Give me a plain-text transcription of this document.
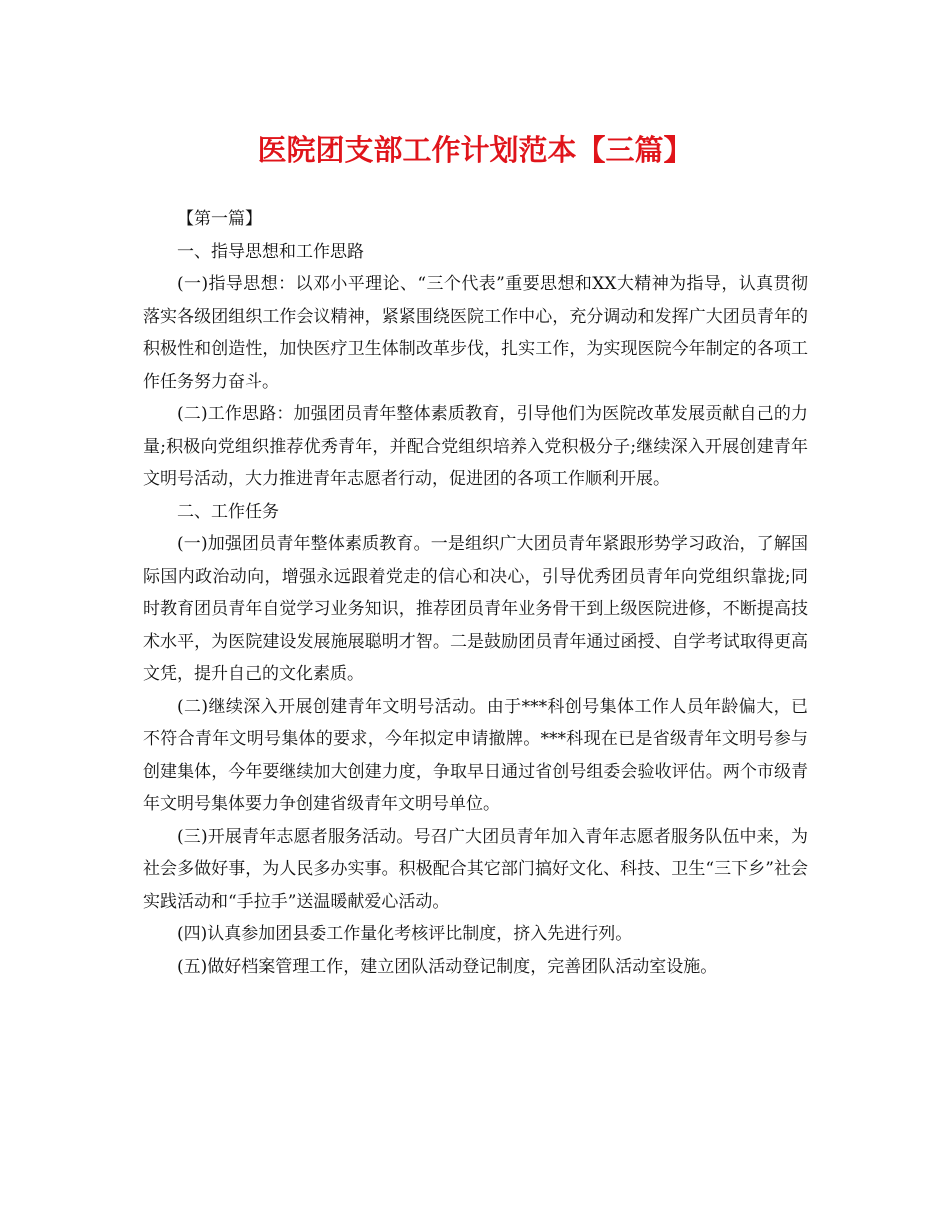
医院团支部工作计划范本【三篇】

【第一篇】

一、指导思想和工作思路

(一)指导思想：以邓小平理论、“三个代表”重要思想和XX大精神为指导，认真贯彻落实各级团组织工作会议精神，紧紧围绕医院工作中心，充分调动和发挥广大团员青年的积极性和创造性，加快医疗卫生体制改革步伐，扎实工作，为实现医院今年制定的各项工作任务努力奋斗。

(二)工作思路：加强团员青年整体素质教育，引导他们为医院改革发展贡献自己的力量;积极向党组织推荐优秀青年，并配合党组织培养入党积极分子;继续深入开展创建青年文明号活动，大力推进青年志愿者行动，促进团的各项工作顺利开展。

二、工作任务

(一)加强团员青年整体素质教育。一是组织广大团员青年紧跟形势学习政治，了解国际国内政治动向，增强永远跟着党走的信心和决心，引导优秀团员青年向党组织靠拢;同时教育团员青年自觉学习业务知识，推荐团员青年业务骨干到上级医院进修，不断提高技术水平，为医院建设发展施展聪明才智。二是鼓励团员青年通过函授、自学考试取得更高文凭，提升自己的文化素质。

(二)继续深入开展创建青年文明号活动。由于***科创号集体工作人员年龄偏大，已不符合青年文明号集体的要求，今年拟定申请撤牌。***科现在已是省级青年文明号参与创建集体，今年要继续加大创建力度，争取早日通过省创号组委会验收评估。两个市级青年文明号集体要力争创建省级青年文明号单位。

(三)开展青年志愿者服务活动。号召广大团员青年加入青年志愿者服务队伍中来，为社会多做好事，为人民多办实事。积极配合其它部门搞好文化、科技、卫生“三下乡”社会实践活动和“手拉手”送温暖献爱心活动。

(四)认真参加团县委工作量化考核评比制度，挤入先进行列。

(五)做好档案管理工作，建立团队活动登记制度，完善团队活动室设施。
